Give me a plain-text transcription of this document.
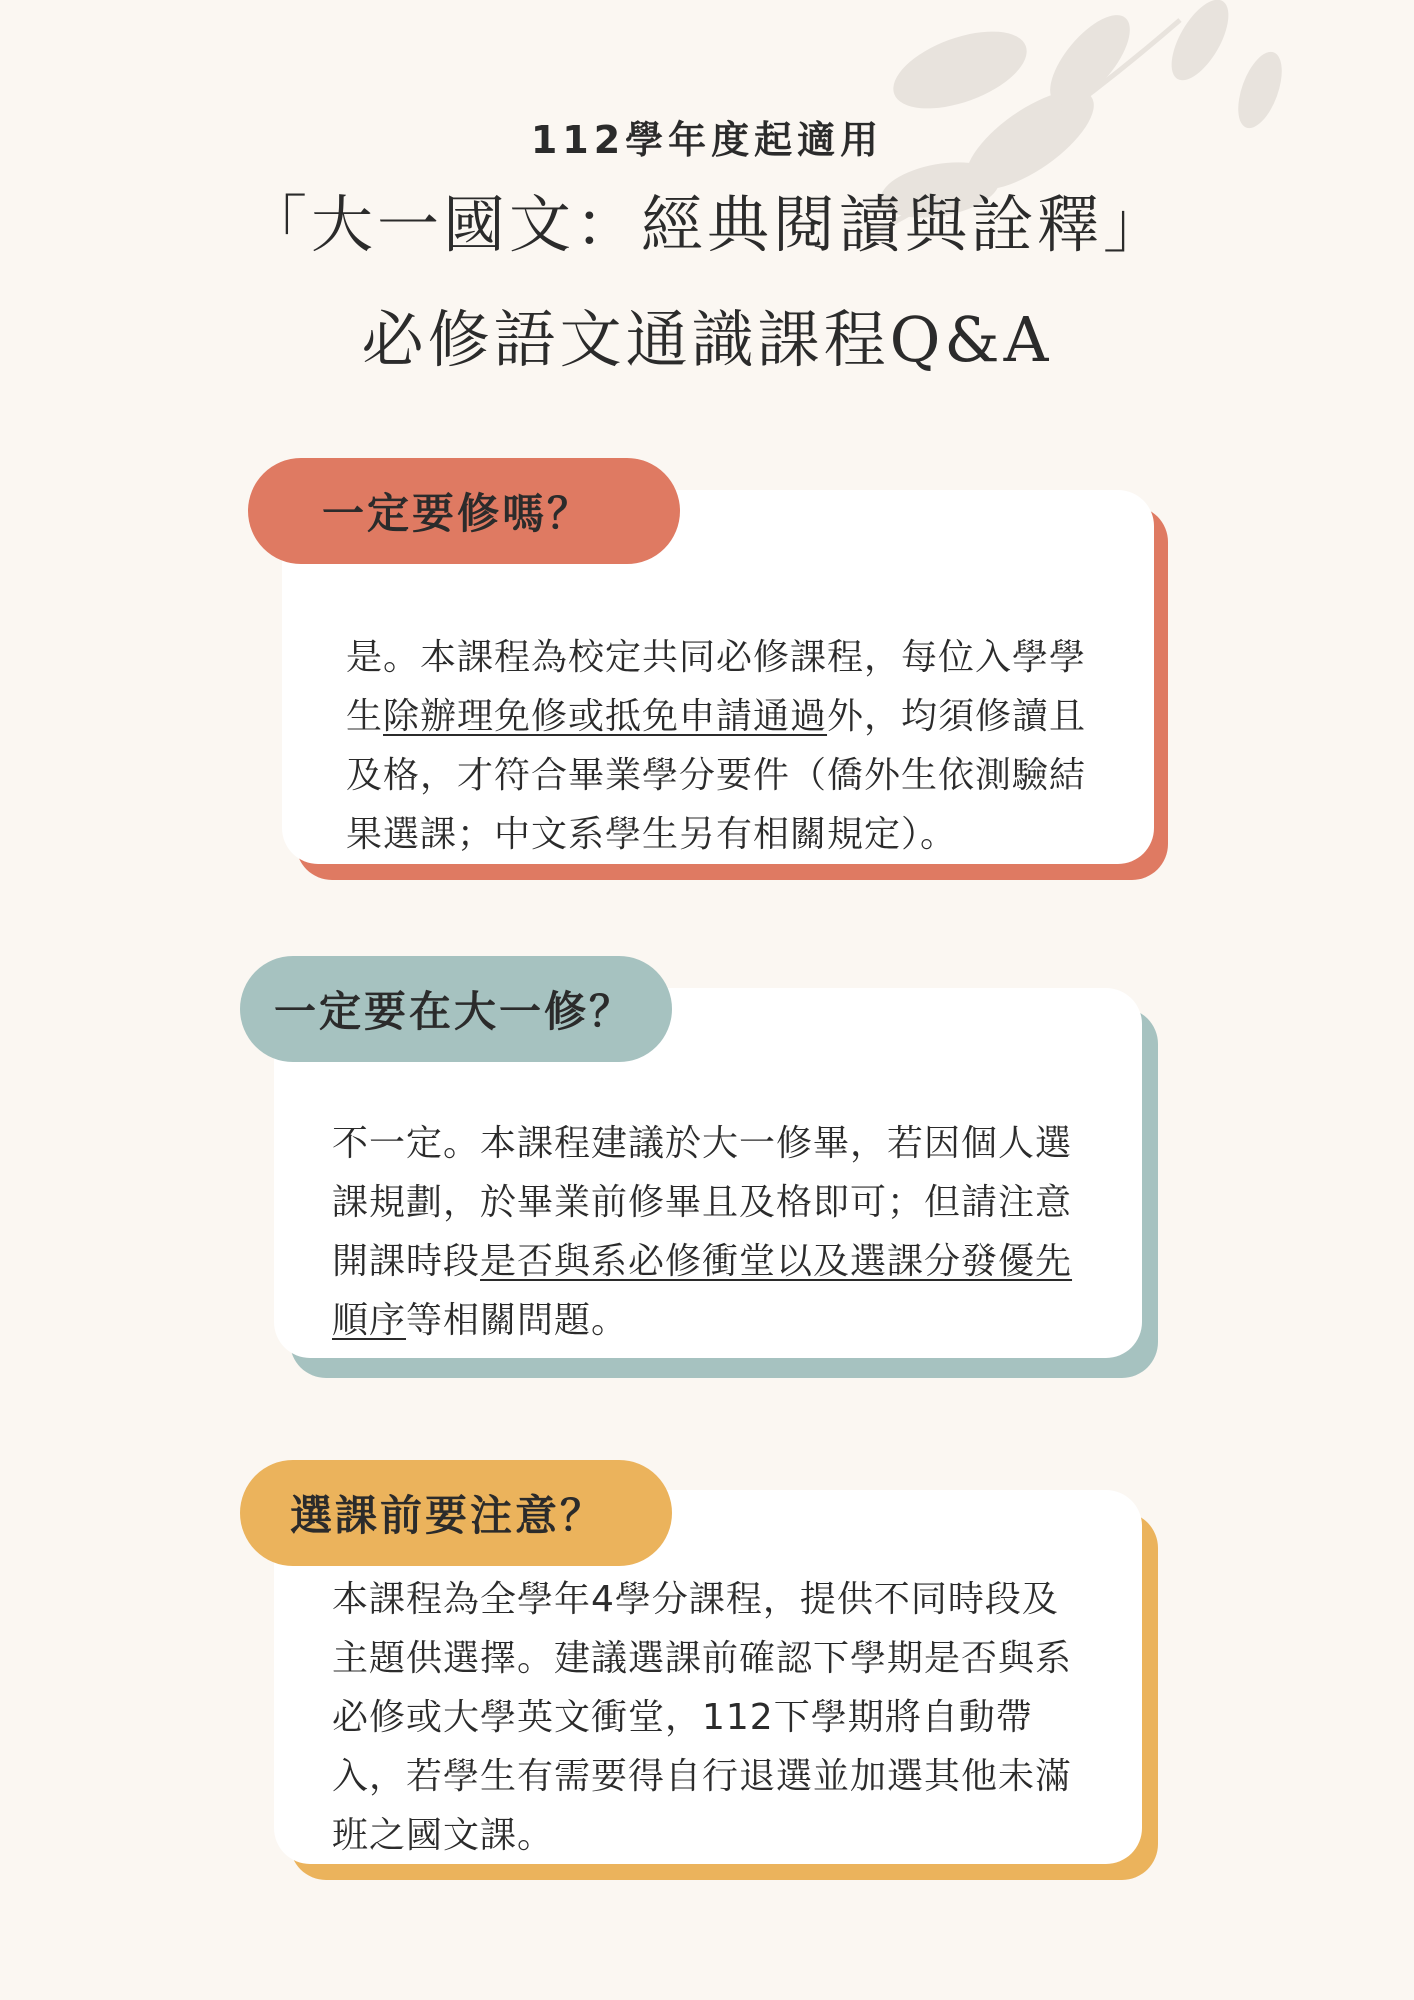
112學年度起適用

「大一國文：經典閱讀與詮釋」

必修語文通識課程Q&A

一定要修嗎？
是。本課程為校定共同必修課程，每位入學學生除辦理免修或抵免申請通過外，均須修讀且及格，才符合畢業學分要件（僑外生依測驗結果選課；中文系學生另有相關規定）。
一定要在大一修？
不一定。本課程建議於大一修畢，若因個人選課規劃，於畢業前修畢且及格即可；但請注意開課時段是否與系必修衝堂以及選課分發優先順序等相關問題。
選課前要注意？
本課程為全學年4學分課程，提供不同時段及主題供選擇。建議選課前確認下學期是否與系必修或大學英文衝堂，112下學期將自動帶入，若學生有需要得自行退選並加選其他未滿班之國文課。
